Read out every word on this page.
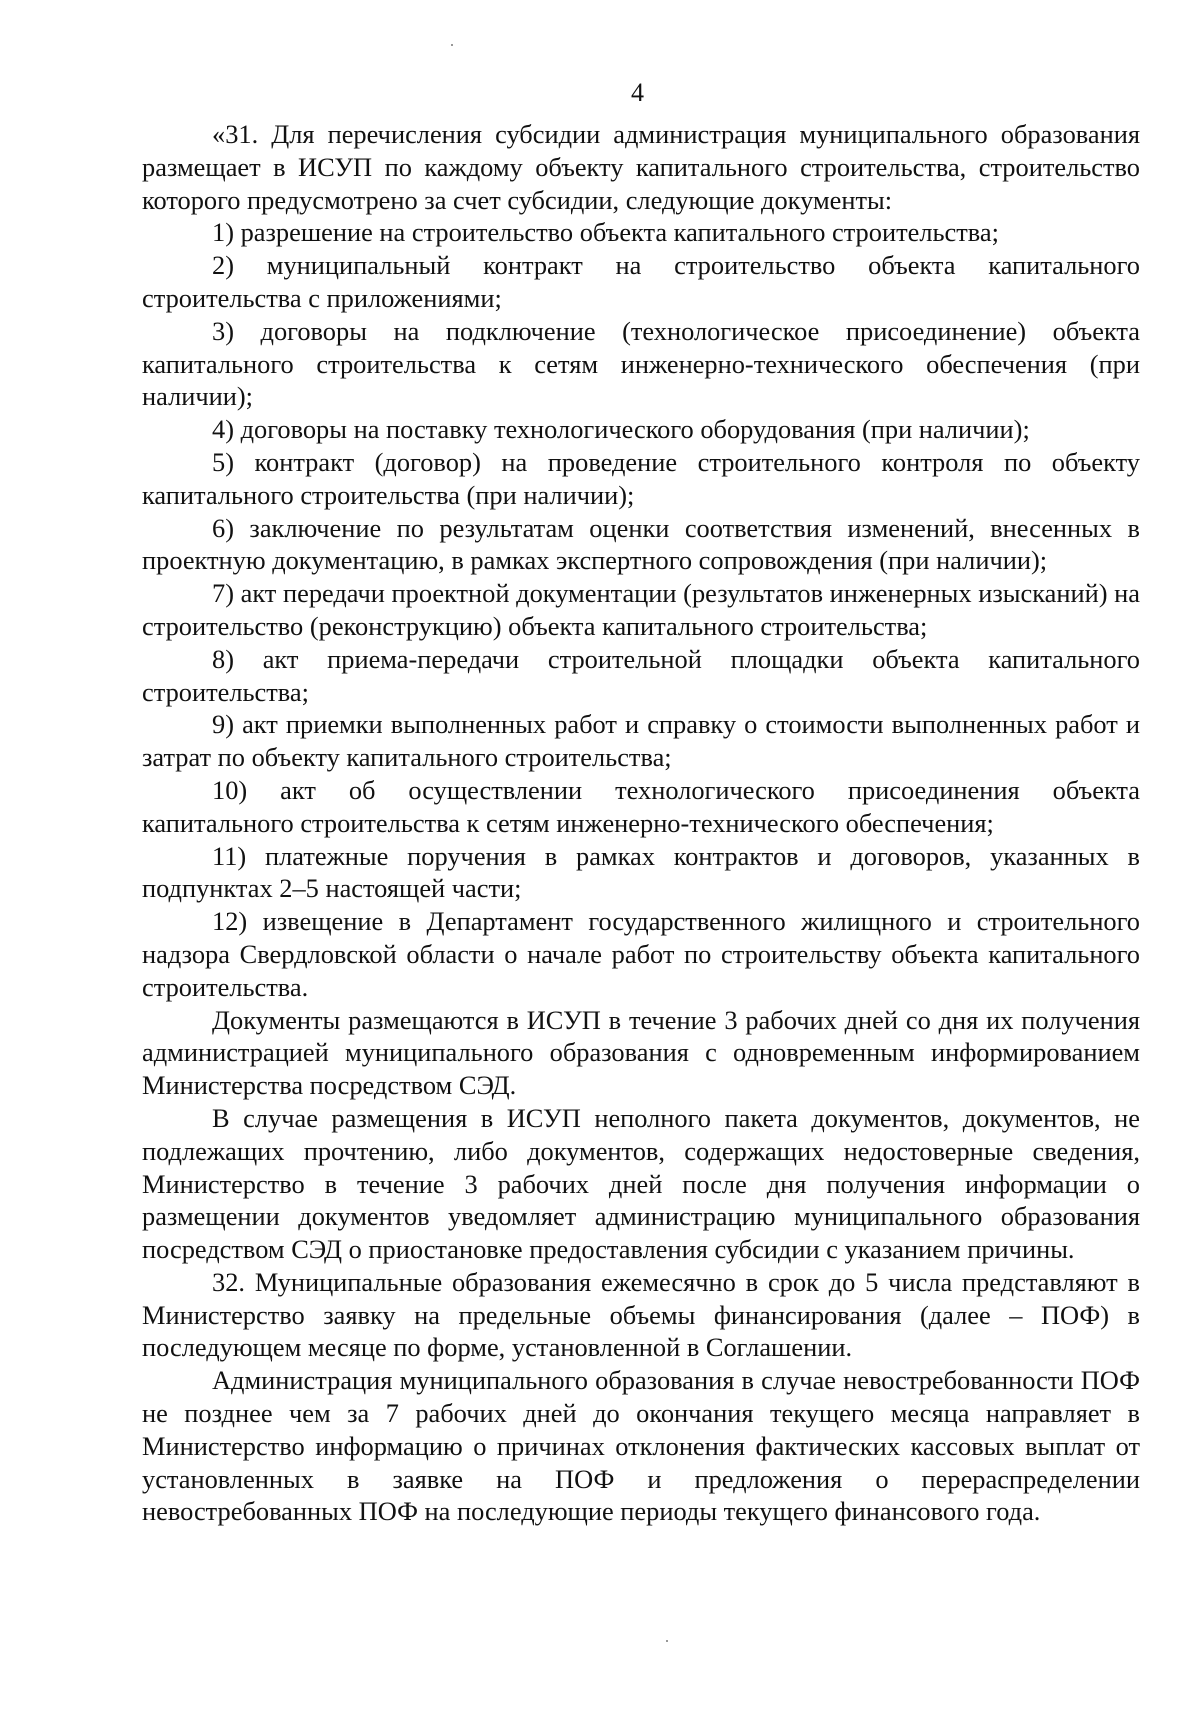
4

«31. Для перечисления субсидии администрация муниципального образования размещает в ИСУП по каждому объекту капитального строительства, строительство которого предусмотрено за счет субсидии, следующие документы:

1) разрешение на строительство объекта капитального строительства;

2) муниципальный контракт на строительство объекта капитального строительства с приложениями;

3) договоры на подключение (технологическое присоединение) объекта капитального строительства к сетям инженерно-технического обеспечения (при наличии);

4) договоры на поставку технологического оборудования (при наличии);

5) контракт (договор) на проведение строительного контроля по объекту капитального строительства (при наличии);

6) заключение по результатам оценки соответствия изменений, внесенных в проектную документацию, в рамках экспертного сопровождения (при наличии);

7) акт передачи проектной документации (результатов инженерных изысканий) на строительство (реконструкцию) объекта капитального строительства;

8) акт приема-передачи строительной площадки объекта капитального строительства;

9) акт приемки выполненных работ и справку о стоимости выполненных работ и затрат по объекту капитального строительства;

10) акт об осуществлении технологического присоединения объекта капитального строительства к сетям инженерно-технического обеспечения;

11) платежные поручения в рамках контрактов и договоров, указанных в подпунктах 2–5 настоящей части;

12) извещение в Департамент государственного жилищного и строительного надзора Свердловской области о начале работ по строительству объекта капитального строительства.

Документы размещаются в ИСУП в течение 3 рабочих дней со дня их получения администрацией муниципального образования с одновременным информированием Министерства посредством СЭД.

В случае размещения в ИСУП неполного пакета документов, документов, не подлежащих прочтению, либо документов, содержащих недостоверные сведения, Министерство в течение 3 рабочих дней после дня получения информации о размещении документов уведомляет администрацию муниципального образования посредством СЭД о приостановке предоставления субсидии с указанием причины.

32. Муниципальные образования ежемесячно в срок до 5 числа представляют в Министерство заявку на предельные объемы финансирования (далее – ПОФ) в последующем месяце по форме, установленной в Соглашении.

Администрация муниципального образования в случае невостребованности ПОФ не позднее чем за 7 рабочих дней до окончания текущего месяца направляет в Министерство информацию о причинах отклонения фактических кассовых выплат от установленных в заявке на ПОФ и предложения о перераспределении невостребованных ПОФ на последующие периоды текущего финансового года.
